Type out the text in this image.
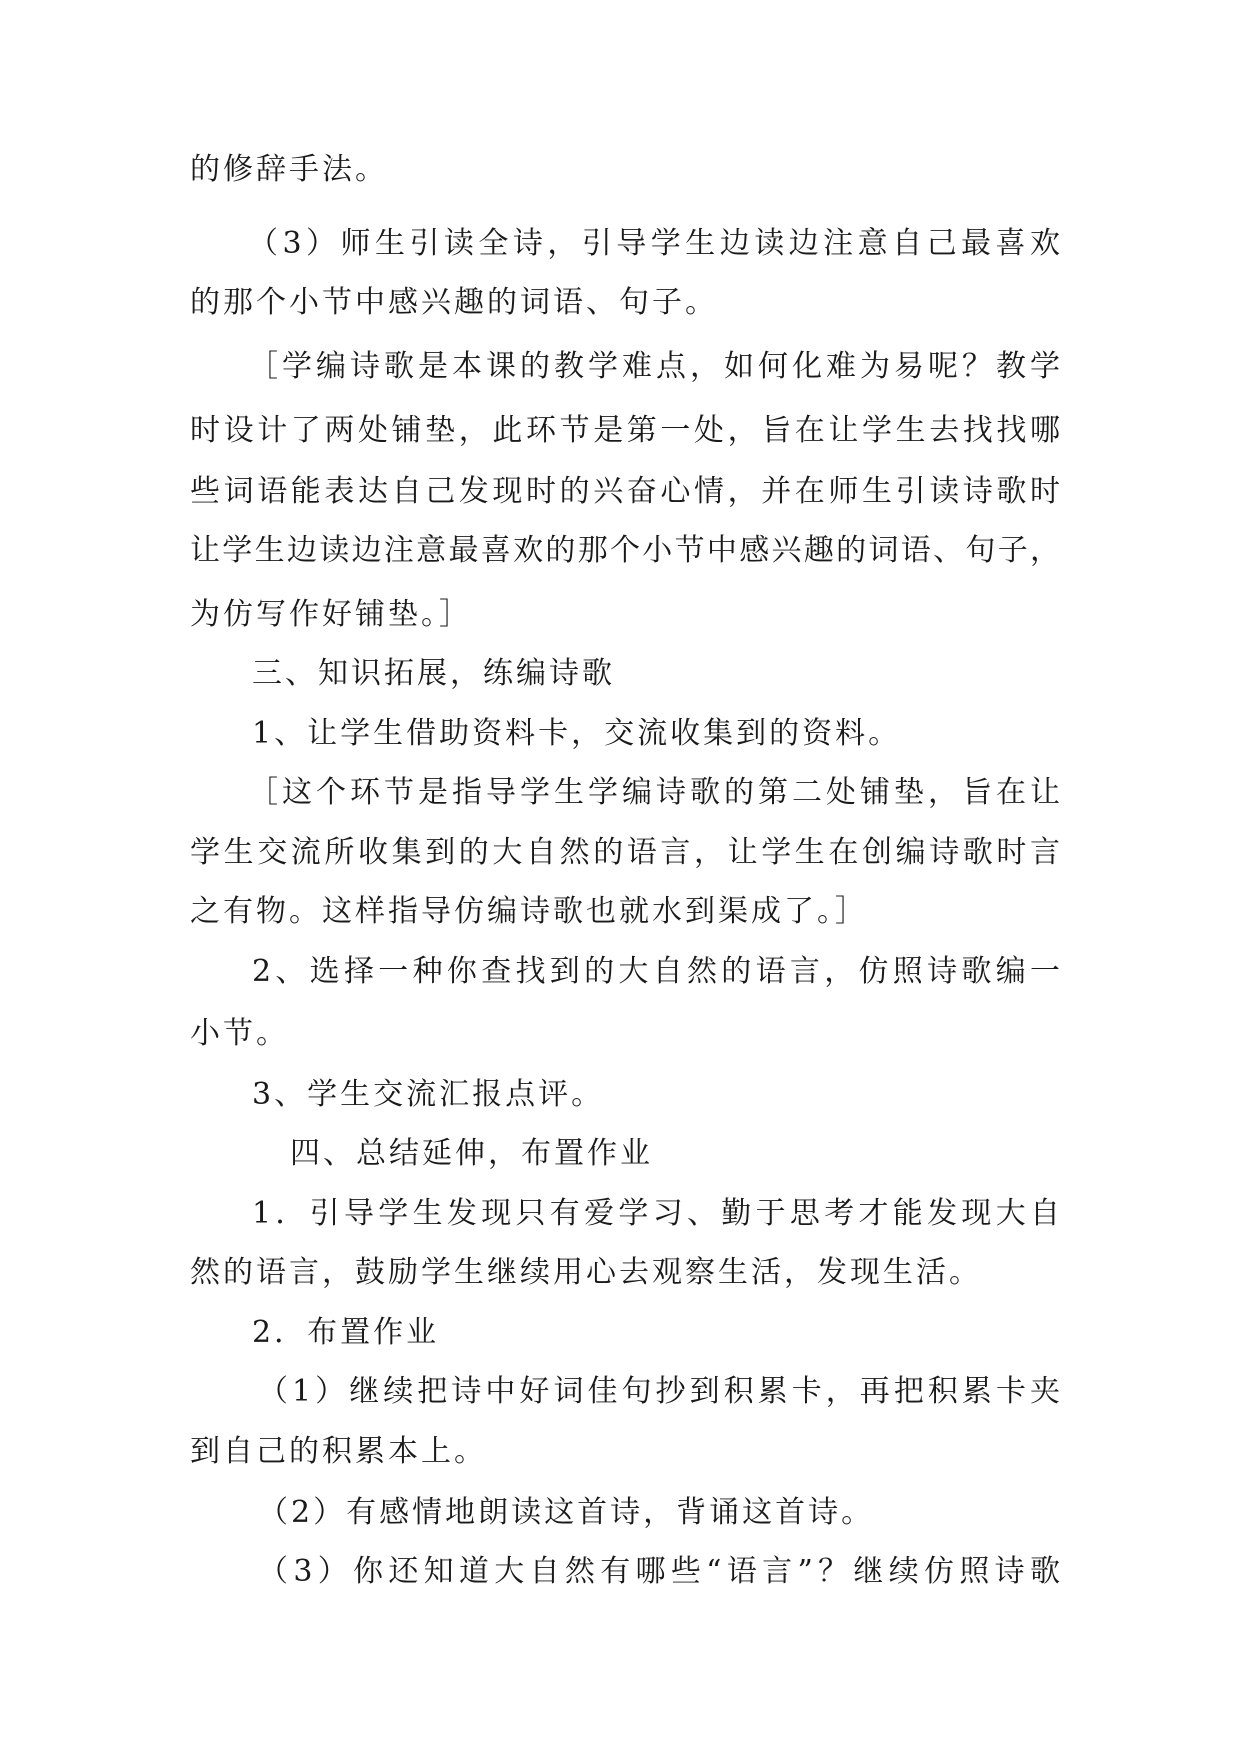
的修辞手法。
（3）师生引读全诗，引导学生边读边注意自己最喜欢
的那个小节中感兴趣的词语、句子。
［学编诗歌是本课的教学难点，如何化难为易呢？教学
时设计了两处铺垫，此环节是第一处，旨在让学生去找找哪
些词语能表达自己发现时的兴奋心情，并在师生引读诗歌时
让学生边读边注意最喜欢的那个小节中感兴趣的词语、句子，
为仿写作好铺垫。］
三、知识拓展，练编诗歌
1、让学生借助资料卡，交流收集到的资料。
［这个环节是指导学生学编诗歌的第二处铺垫，旨在让
学生交流所收集到的大自然的语言，让学生在创编诗歌时言
之有物。这样指导仿编诗歌也就水到渠成了。］
2、选择一种你查找到的大自然的语言，仿照诗歌编一
小节。
3、学生交流汇报点评。
四、总结延伸，布置作业
1．引导学生发现只有爱学习、勤于思考才能发现大自
然的语言，鼓励学生继续用心去观察生活，发现生活。
2．布置作业
（1）继续把诗中好词佳句抄到积累卡，再把积累卡夹
到自己的积累本上。
（2）有感情地朗读这首诗，背诵这首诗。
（3）你还知道大自然有哪些“语言”？继续仿照诗歌
